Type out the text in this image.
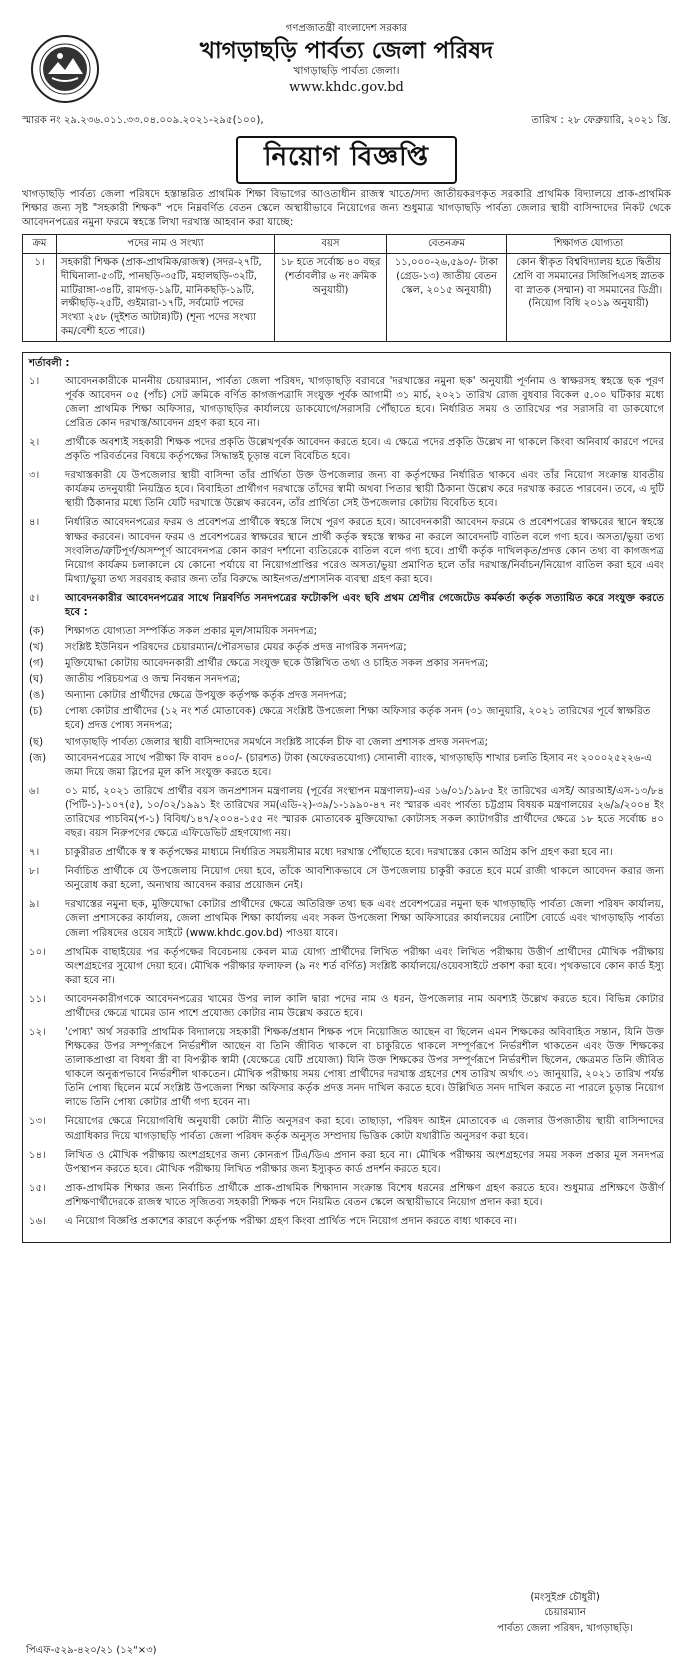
গণপ্রজাতন্ত্রী বাংলাদেশ সরকার
খাগড়াছড়ি পার্বত্য জেলা পরিষদ
খাগড়াছড়ি পার্বত্য জেলা।
www.khdc.gov.bd
স্মারক নং ২৯.২৩৬.০১১.৩৩.০৪.০০৯.২০২১-২৯৫(১০০),	তারিখ : ২৮ ফেব্রুয়ারি, ২০২১ খ্রি.
নিয়োগ বিজ্ঞপ্তি

খাগড়াছড়ি পার্বত্য জেলা পরিষদে হস্তান্তরিত প্রাথমিক শিক্ষা বিভাগের আওতাধীন রাজস্ব খাতে/সদ্য জাতীয়করণকৃত সরকারি প্রাথমিক বিদ্যালয়ে প্রাক-প্রাথমিক শিক্ষার জন্য সৃষ্ট "সহকারী শিক্ষক" পদে নিম্নবর্ণিত বেতন স্কেলে অস্থায়ীভাবে নিয়োগের জন্য শুধুমাত্র খাগড়াছড়ি পার্বত্য জেলার স্থায়ী বাসিন্দাদের নিকট থেকে আবেদনপত্রের নমুনা ফরমে স্বহস্তে লিখা দরখাস্ত আহবান করা যাচ্ছে:

ক্রম	পদের নাম ও সংখ্যা	বয়স	বেতনক্রম	শিক্ষাগত যোগ্যতা
১।	সহকারী শিক্ষক (প্রাক-প্রাথমিক/রাজস্ব) (সদর-২৭টি, দীঘিনালা-৫৩টি, পানছড়ি-৩৫টি, মহালছড়ি-৩২টি, মাটিরাঙ্গা-৩৪টি, রামগড়-১৯টি, মানিকছড়ি-১৯টি, লক্ষীছড়ি-২৫টি, গুইমারা-১৭টি, সর্বমোট পদের সংখ্যা ২৫৮ (দুইশত আটান্ন)টি) (শূন্য পদের সংখ্যা কম/বেশী হতে পারে।)	১৮ হতে সর্বোচ্চ ৪০ বছর (শর্তাবলীর ৬ নং ক্রমিক অনুযায়ী)	১১,০০০-২৬,৫৯০/- টাকা (গ্রেড-১৩) জাতীয় বেতন স্কেল, ২০১৫ অনুযায়ী)	কোন স্বীকৃত বিশ্ববিদ্যালয় হতে দ্বিতীয় শ্রেণি বা সমমানের সিজিপিএসহ স্নাতক বা স্নাতক (সম্মান) বা সমমানের ডিগ্রী। (নিয়োগ বিধি ২০১৯ অনুযায়ী)
শর্তাবলী :
১।	আবেদনকারীকে মাননীয় চেয়ারম্যান, পার্বত্য জেলা পরিষদ, খাগড়াছড়ি বরাবরে 'দরখাস্তের নমুনা ছক' অনুযায়ী পূর্ণনাম ও স্বাক্ষরসহ স্বহস্তে ছক পূরণ পূর্বক আবেদন ০৫ (পাঁচ) সেট ক্রমিকে বর্ণিত কাগজপত্রাদি সংযুক্ত পূর্বক আগামী ৩১ মার্চ, ২০২১ তারিখ রোজ বুধবার বিকেল ৫.০০ ঘটিকার মধ্যে জেলা প্রাথমিক শিক্ষা অফিসার, খাগড়াছড়ির কার্যালয়ে ডাকযোগে/সরাসরি পৌঁছাতে হবে। নির্ধারিত সময় ও তারিখের পর সরাসরি বা ডাকযোগে প্রেরিত কোন দরখাস্ত/আবেদন গ্রহণ করা হবে না।
২।	প্রার্থীকে অবশ্যই সহকারী শিক্ষক পদের প্রকৃতি উল্লেখপূর্বক আবেদন করতে হবে। এ ক্ষেত্রে পদের প্রকৃতি উল্লেখ না থাকলে কিংবা অনিবার্য কারণে পদের প্রকৃতি পরিবর্তনের বিষয়ে কর্তৃপক্ষের সিদ্ধান্তই চূড়ান্ত বলে বিবেচিত হবে।
৩।	দরখাস্তকারী যে উপজেলার স্থায়ী বাসিন্দা তাঁর প্রার্থিতা উক্ত উপজেলার জন্য বা কর্তৃপক্ষের নির্ধারিত থাকবে এবং তাঁর নিয়োগ সংক্রান্ত যাবতীয় কার্যক্রম তদনুযায়ী নিয়ন্ত্রিত হবে। বিবাহিতা প্রার্থীগণ দরখাস্তে তাঁদের স্বামী অথবা পিতার স্থায়ী ঠিকানা উল্লেখ করে দরখাস্ত করতে পারবেন। তবে, এ দুটি স্থায়ী ঠিকানার মধ্যে তিনি যেটি দরখাস্তে উল্লেখ করবেন, তাঁর প্রার্থিতা সেই উপজেলার কোটায় বিবেচিত হবে।
৪।	নির্ধারিত আবেদনপত্রের ফরম ও প্রবেশপত্র প্রার্থীকে স্বহস্তে লিখে পূরণ করতে হবে। আবেদনকারী আবেদন ফরমে ও প্রবেশপত্রের স্বাক্ষরের স্থানে স্বহস্তে স্বাক্ষর করবেন। আবেদন ফরম ও প্রবেশপত্রের স্বাক্ষরের স্থানে প্রার্থী কর্তৃক স্বহস্তে স্বাক্ষর না করলে আবেদনটি বাতিল বলে গণ্য হবে। অসত্য/ভুয়া তথ্য সংবলিত/ত্রুটিপূর্ণ/অসম্পূর্ণ আবেদনপত্র কোন কারণ দর্শানো ব্যতিরেকে বাতিল বলে গণ্য হবে। প্রার্থী কর্তৃক দাখিলকৃত/প্রদত্ত কোন তথ্য বা কাগজপত্র নিয়োগ কার্যক্রম চলাকালে যে কোনো পর্যায়ে বা নিয়োগপ্রাপ্তির পরেও অসত্য/ভুয়া প্রমাণিত হলে তাঁর দরখাস্ত/নির্বাচন/নিয়োগ বাতিল করা হবে এবং মিথ্যা/ভুয়া তথ্য সরবরাহ করার জন্য তাঁর বিরুদ্ধে আইনগত/প্রশাসনিক ব্যবস্থা গ্রহণ করা হবে।
৫।	আবেদনকারীর আবেদনপত্রের সাথে নিম্নবর্ণিত সনদপত্রের ফটোকপি এবং ছবি প্রথম শ্রেণীর গেজেটেড কর্মকর্তা কর্তৃক সত্যায়িত করে সংযুক্ত করতে হবে :
(ক)	শিক্ষাগত যোগ্যতা সম্পর্কিত সকল প্রকার মূল/সাময়িক সনদপত্র;
(খ)	সংশ্লিষ্ট ইউনিয়ন পরিষদের চেয়ারম্যান/পৌরসভার মেয়র কর্তৃক প্রদত্ত নাগরিক সনদপত্র;
(গ)	মুক্তিযোদ্ধা কোটায় আবেদনকারী প্রার্থীর ক্ষেত্রে সংযুক্ত ছকে উল্লিখিত তথ্য ও চাহিত সকল প্রকার সনদপত্র;
(ঘ)	জাতীয় পরিচয়পত্র ও জন্ম নিবন্ধন সনদপত্র;
(ঙ)	অন্যান্য কোটার প্রার্থীদের ক্ষেত্রে উপযুক্ত কর্তৃপক্ষ কর্তৃক প্রদত্ত সনদপত্র;
(চ)	পোষ্য কোটার প্রার্থীদের (১২ নং শর্ত মোতাবেক) ক্ষেত্রে সংশ্লিষ্ট উপজেলা শিক্ষা অফিসার কর্তৃক সনদ (৩১ জানুয়ারি, ২০২১ তারিখের পূর্বে স্বাক্ষরিত হবে) প্রদত্ত পোষ্য সনদপত্র;
(ছ)	খাগড়াছড়ি পার্বত্য জেলার স্থায়ী বাসিন্দাদের সমর্থনে সংশ্লিষ্ট সার্কেল চীফ বা জেলা প্রশাসক প্রদত্ত সনদপত্র;
(জ)	আবেদনপত্রের সাথে পরীক্ষা ফি বাবদ ৪০০/- (চারশত) টাকা (অফেরতযোগ্য) সোনালী ব্যাংক, খাগড়াছড়ি শাখার চলতি হিসাব নং ২০০০২৫২২৬-এ জমা দিয়ে জমা স্লিপের মূল কপি সংযুক্ত করতে হবে।
৬।	০১ মার্চ, ২০২১ তারিখে প্রার্থীর বয়স জনপ্রশাসন মন্ত্রণালয় (পূর্বের সংস্থাপন মন্ত্রণালয়)-এর ১৬/০১/১৯৮৫ ইং তারিখের এসই/ আরআই/এস-১৩/৮৪ (পিটি-১)-১০৭(৫), ১০/০২/১৯৯১ ইং তারিখের সম(এডি-২)-৩৯/১-১৯৯০-৪৭ নং স্মারক এবং পার্বত্য চট্টগ্রাম বিষয়ক মন্ত্রণালয়ের ২৬/৯/২০০৪ ইং তারিখের পাচবিম(প-১) বিবিধ/১৪৭/২০০৪-১৫৫ নং স্মারক মোতাবেক মুক্তিযোদ্ধা কোটাসহ সকল ক্যাটাগরীর প্রার্থীদের ক্ষেত্রে ১৮ হতে সর্বোচ্চ ৪০ বছর। বয়স নিরুপণের ক্ষেত্রে এফিডেভিট গ্রহণযোগ্য নয়।
৭।	চাকুরীরত প্রার্থীকে স্ব স্ব কর্তৃপক্ষের মাধ্যমে নির্ধারিত সময়সীমার মধ্যে দরখাস্ত পৌঁছাতে হবে। দরখাস্তের কোন অগ্রিম কপি গ্রহণ করা হবে না।
৮।	নির্বাচিত প্রার্থীকে যে উপজেলায় নিয়োগ দেয়া হবে, তাঁকে আবশ্যিকভাবে সে উপজেলায় চাকুরী করতে হবে মর্মে রাজী থাকলে আবেদন করার জন্য অনুরোধ করা হলো, অন্যথায় আবেদন করার প্রয়োজন নেই।
৯।	দরখাস্তের নমুনা ছক, মুক্তিযোদ্ধা কোটার প্রার্থীদের ক্ষেত্রে অতিরিক্ত তথ্য ছক এবং প্রবেশপত্রের নমুনা ছক খাগড়াছড়ি পার্বত্য জেলা পরিষদ কার্যালয়, জেলা প্রশাসকের কার্যালয়, জেলা প্রাথমিক শিক্ষা কার্যালয় এবং সকল উপজেলা শিক্ষা অফিসারের কার্যালয়ের নোটিশ বোর্ডে এবং খাগড়াছড়ি পার্বত্য জেলা পরিষদের ওয়েব সাইটে (www.khdc.gov.bd) পাওয়া যাবে।
১০।	প্রাথমিক বাছাইয়ের পর কর্তৃপক্ষের বিবেচনায় কেবল মাত্র যোগ্য প্রার্থীদের লিখিত পরীক্ষা এবং লিখিত পরীক্ষায় উত্তীর্ণ প্রার্থীদের মৌখিক পরীক্ষায় অংশগ্রহণের সুযোগ দেয়া হবে। মৌখিক পরীক্ষার ফলাফল (৯ নং শর্ত বর্ণিত) সংশ্লিষ্ট কার্যালয়ে/ওয়েবসাইটে প্রকাশ করা হবে। পৃথকভাবে কোন কার্ড ইস্যু করা হবে না।
১১।	আবেদনকারীগণকে আবেদনপত্রের খামের উপর লাল কালি দ্বারা পদের নাম ও ধরন, উপজেলার নাম অবশ্যই উল্লেখ করতে হবে। বিভিন্ন কোটার প্রার্থীদের ক্ষেত্রে খামের ডান পাশে প্রযোজ্য কোটার নাম উল্লেখ করতে হবে।
১২।	'পোষ্য' অর্থ সরকারি প্রাথমিক বিদ্যালয়ে সহকারী শিক্ষক/প্রধান শিক্ষক পদে নিয়োজিত আছেন বা ছিলেন এমন শিক্ষকের অবিবাহিত সন্তান, যিনি উক্ত শিক্ষকের উপর সম্পূর্ণরূপে নির্ভরশীল আছেন বা তিনি জীবিত থাকলে বা চাকুরিতে থাকলে সম্পূর্ণরূপে নির্ভরশীল থাকতেন এবং উক্ত শিক্ষকের তালাকপ্রাপ্তা বা বিধবা স্ত্রী বা বিপত্নীক স্বামী (যেক্ষেত্রে যেটি প্রযোজ্য) যিনি উক্ত শিক্ষকের উপর সম্পূর্ণরূপে নির্ভরশীল ছিলেন, ক্ষেত্রমত তিনি জীবিত থাকলে অনুরূপভাবে নির্ভরশীল থাকতেন। মৌখিক পরীক্ষায় সময় পোষ্য প্রার্থীদের দরখাস্ত গ্রহণের শেষ তারিখ অর্থাৎ ৩১ জানুয়ারি, ২০২১ তারিখ পর্যন্ত তিনি পোষ্য ছিলেন মর্মে সংশ্লিষ্ট উপজেলা শিক্ষা অফিসার কর্তৃক প্রদত্ত সনদ দাখিল করতে হবে। উল্লিখিত সনদ দাখিল করতে না পারলে চূড়ান্ত নিয়োগ লাভে তিনি পোষ্য কোটার প্রার্থী গণ্য হবেন না।
১৩।	নিয়োগের ক্ষেত্রে নিয়োগবিধি অনুযায়ী কোটা নীতি অনুসরণ করা হবে। তাছাড়া, পরিষদ আইন মোতাবেক এ জেলার উপজাতীয় স্থায়ী বাসিন্দাদের অগ্রাধিকার দিয়ে খাগড়াছড়ি পার্বত্য জেলা পরিষদ কর্তৃক অনুসৃত সম্প্রদায় ভিত্তিক কোটা যথারীতি অনুসরণ করা হবে।
১৪।	লিখিত ও মৌখিক পরীক্ষায় অংশগ্রহণের জন্য কোনরূপ টিএ/ডিএ প্রদান করা হবে না। মৌখিক পরীক্ষায় অংশগ্রহণের সময় সকল প্রকার মূল সনদপত্র উপস্থাপন করতে হবে। মৌখিক পরীক্ষায় লিখিত পরীক্ষার জন্য ইস্যুকৃত কার্ড প্রদর্শন করতে হবে।
১৫।	প্রাক-প্রাথমিক শিক্ষার জন্য নির্বাচিত প্রার্থীকে প্রাক-প্রাথমিক শিক্ষাদান সংক্রান্ত বিশেষ ধরনের প্রশিক্ষণ গ্রহণ করতে হবে। শুধুমাত্র প্রশিক্ষণে উত্তীর্ণ প্রশিক্ষণার্থীদেরকে রাজস্ব খাতে সৃজিতব্য সহকারী শিক্ষক পদে নিয়মিত বেতন স্কেলে অস্থায়ীভাবে নিয়োগ প্রদান করা হবে।
১৬।	এ নিয়োগ বিজ্ঞপ্তি প্রকাশের কারণে কর্তৃপক্ষ পরীক্ষা গ্রহণ কিংবা প্রার্থিত পদে নিয়োগ প্রদান করতে বাধ্য থাকবে না।
(মংসুইপ্রু চৌধুরী)
চেয়ারম্যান
পার্বত্য জেলা পরিষদ, খাগড়াছড়ি।
পিএফ-৫২৯-৪২০/২১ (১২"×৩)
